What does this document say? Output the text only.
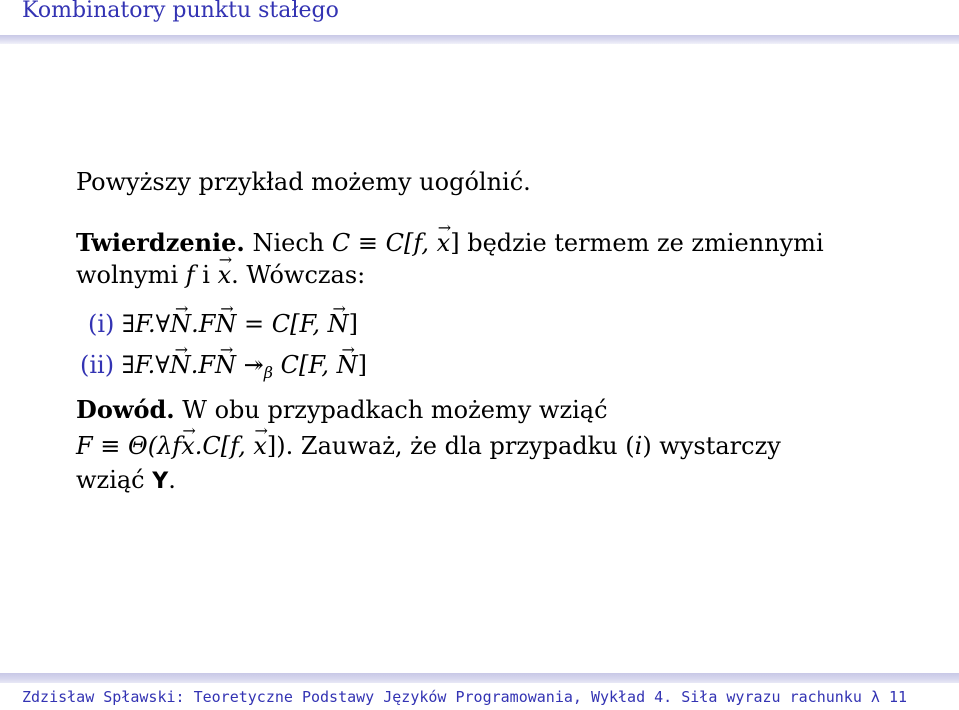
Kombinatory punktu stałego
Powyższy przykład możemy uogólnić.
Twierdzenie. Niech C ≡ C[f, → x] będzie termem ze zmiennymi
wolnymi f i → x. Wówczas:
(i) ∃F.∀→ N.F→ N = C[F, → N]
(ii) ∃F.∀→ N.F→ N $↠_\beta$ C[F, → N]
Dowód. W obu przypadkach możemy wziąć
F ≡ Θ(λf→ x.C[f, → x]). Zauważ, że dla przypadku (i) wystarczy
wziąć Y.
Zdzisław Spławski: Teoretyczne Podstawy Języków Programowania, Wykład 4. Siła wyrazu rachunku λ 11
